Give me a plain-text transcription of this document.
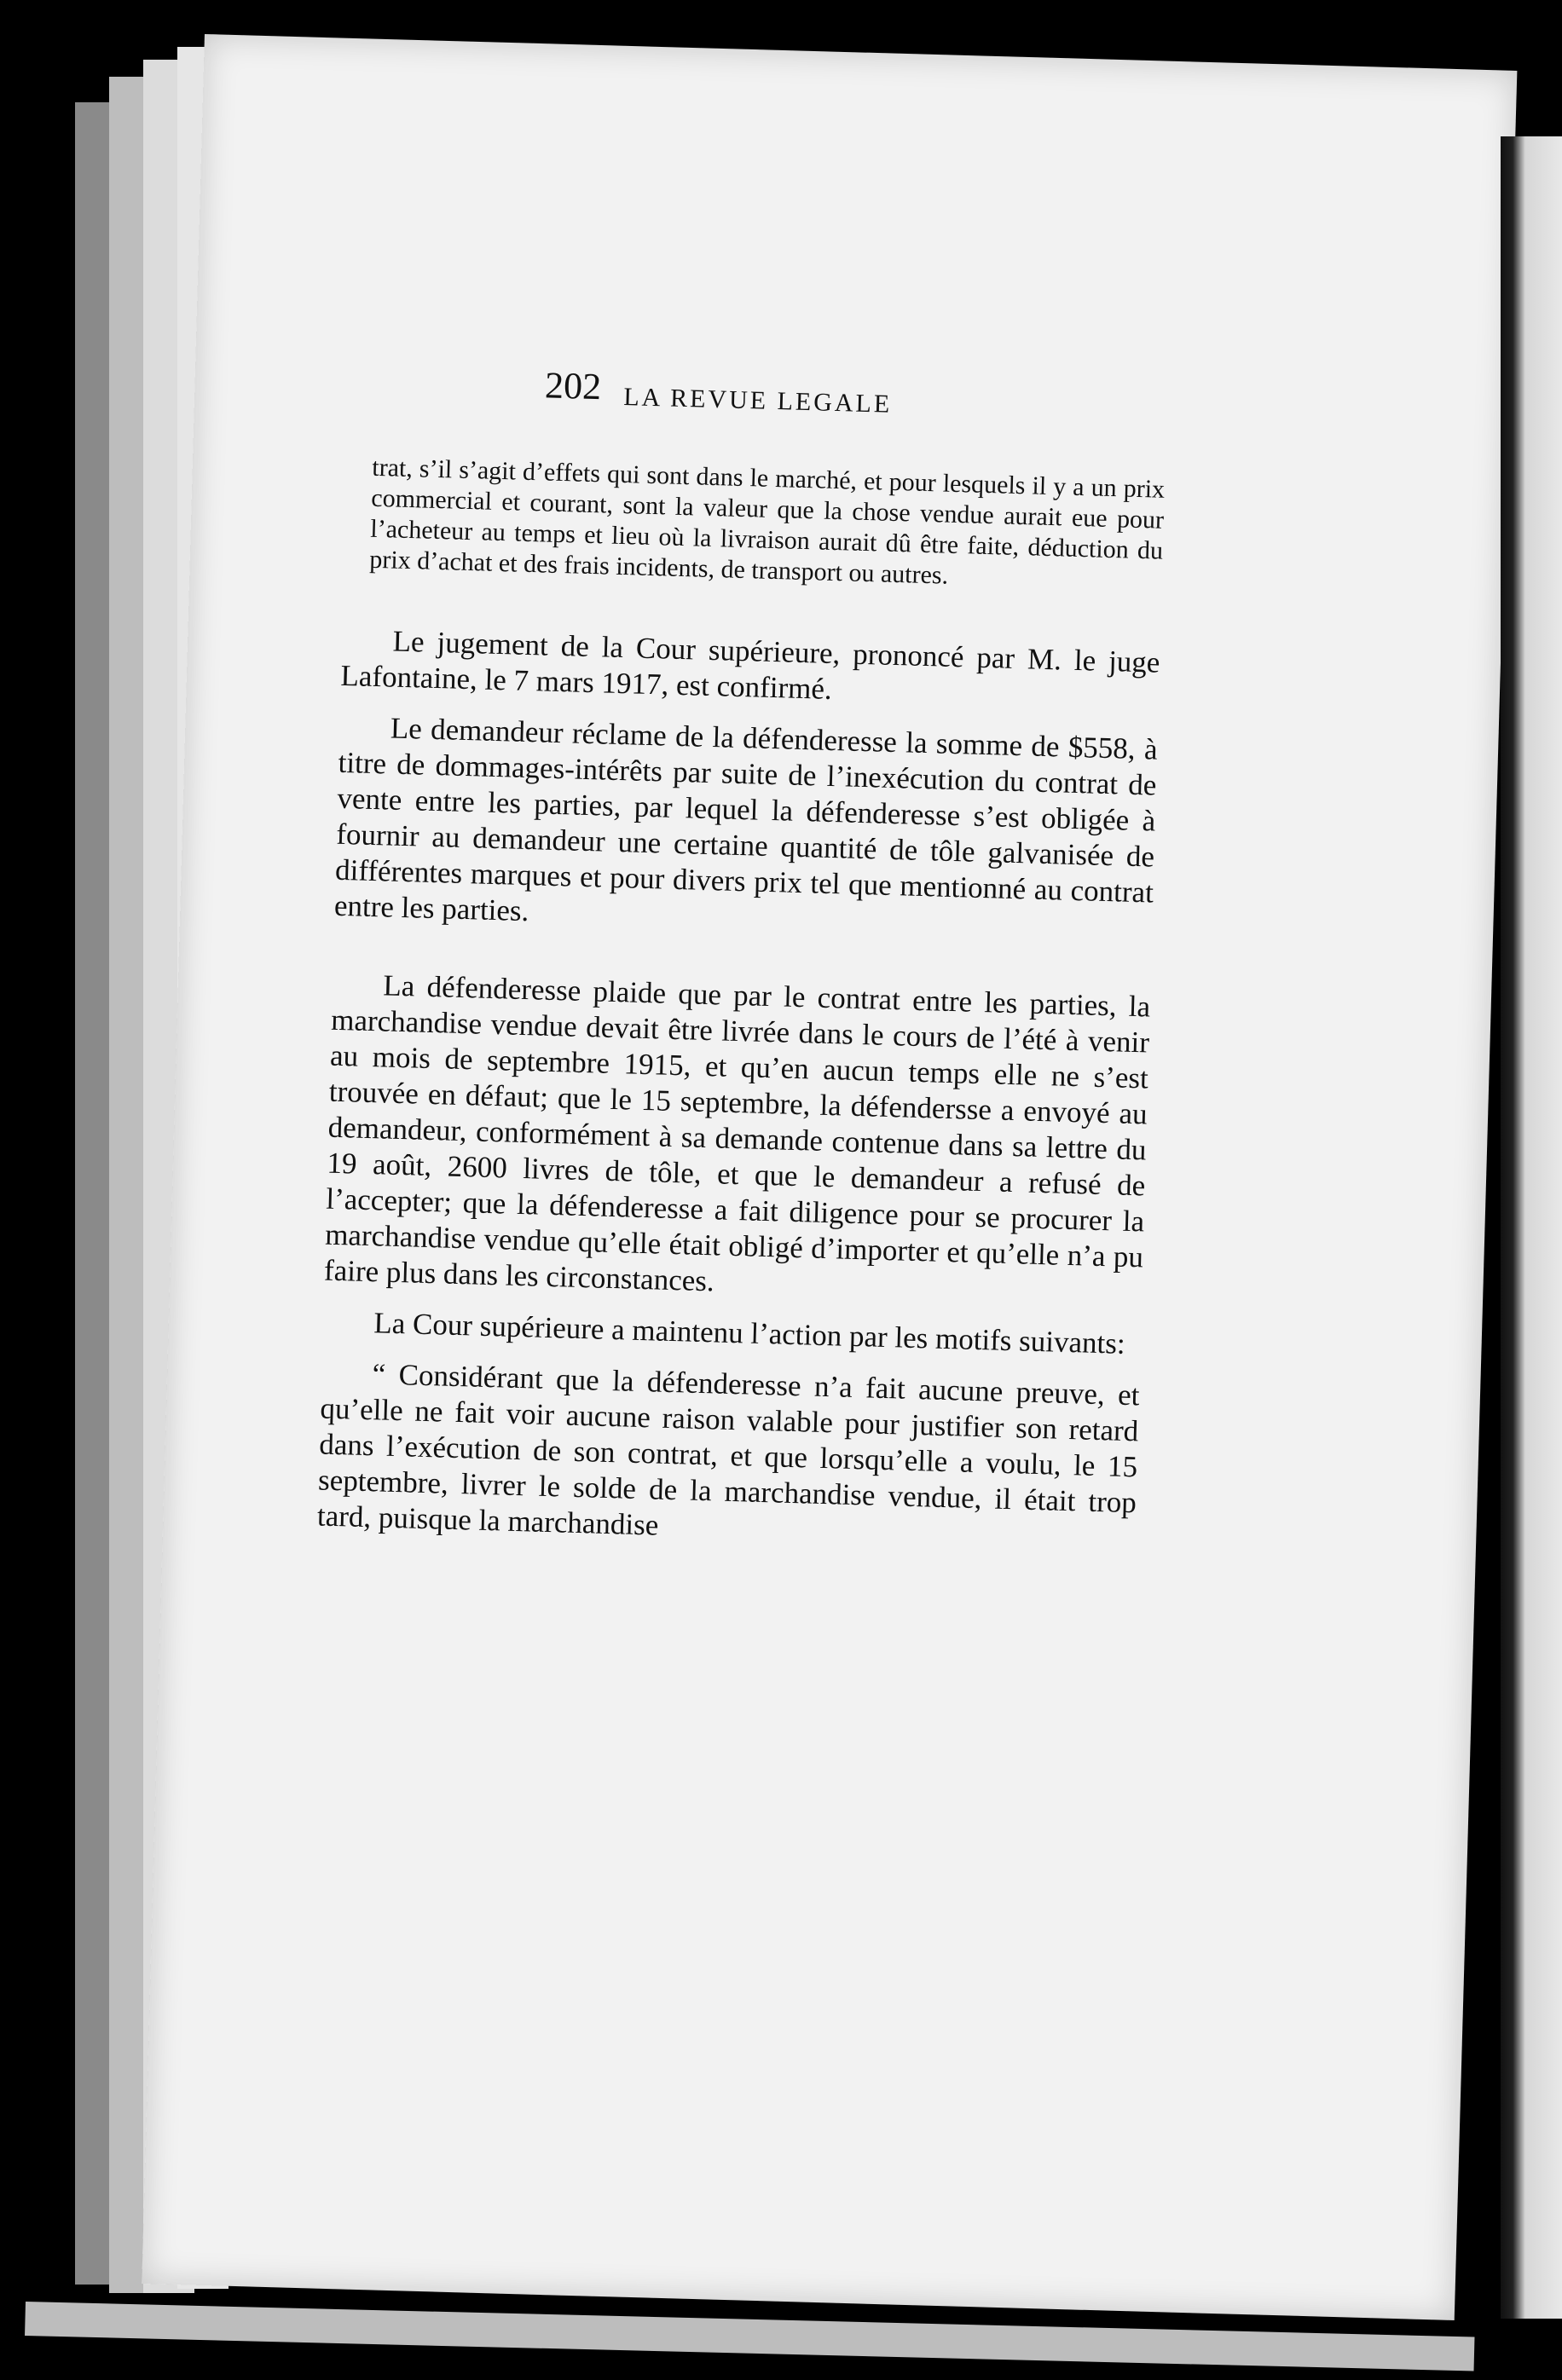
202 LA REVUE LEGALE

trat, s’il s’agit d’effets qui sont dans le marché, et pour lesquels il y a un prix commercial et courant, sont la valeur que la chose vendue aurait eue pour l’acheteur au temps et lieu où la livraison aurait dû être faite, déduction du prix d’achat et des frais incidents, de transport ou autres.

Le jugement de la Cour supérieure, prononcé par M. le juge Lafontaine, le 7 mars 1917, est confirmé.

Le demandeur réclame de la défenderesse la somme de $558, à titre de dommages-intérêts par suite de l’inexécution du contrat de vente entre les parties, par lequel la défenderesse s’est obligée à fournir au demandeur une certaine quantité de tôle galvanisée de différentes marques et pour divers prix tel que mentionné au contrat entre les parties.

La défenderesse plaide que par le contrat entre les parties, la marchandise vendue devait être livrée dans le cours de l’été à venir au mois de septembre 1915, et qu’en aucun temps elle ne s’est trouvée en défaut; que le 15 septembre, la défendersse a envoyé au demandeur, conformément à sa demande contenue dans sa lettre du 19 août, 2600 livres de tôle, et que le demandeur a refusé de l’accepter; que la défenderesse a fait diligence pour se procurer la marchandise vendue qu’elle était obligé d’importer et qu’elle n’a pu faire plus dans les circonstances.

La Cour supérieure a maintenu l’action par les motifs suivants:

“ Considérant que la défenderesse n’a fait aucune preuve, et qu’elle ne fait voir aucune raison valable pour justifier son retard dans l’exécution de son contrat, et que lorsqu’elle a voulu, le 15 septembre, livrer le solde de la marchandise vendue, il était trop tard, puisque la marchandise
